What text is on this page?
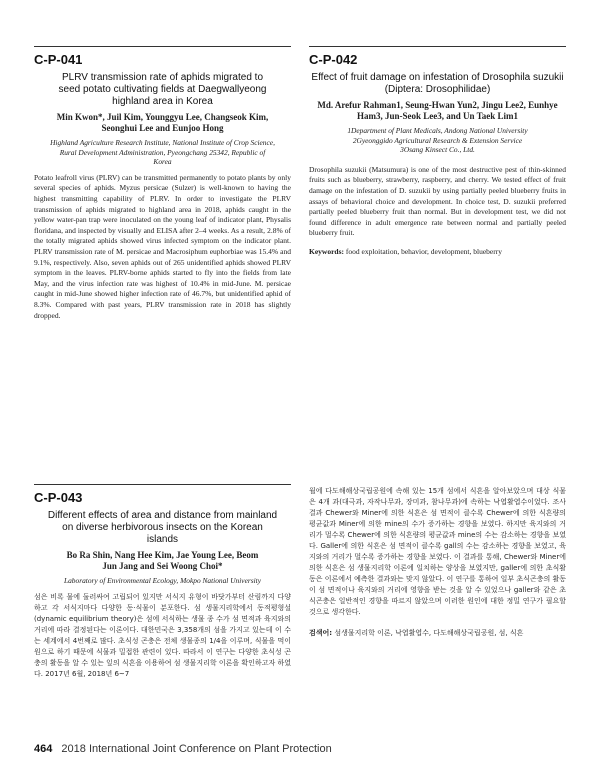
C-P-041
PLRV transmission rate of aphids migrated to seed potato cultivating fields at Daegwallyeong highland area in Korea
Min Kwon*, Juil Kim, Younggyu Lee, Changseok Kim, Seonghui Lee and Eunjoo Hong
Highland Agriculture Research Institute, National Institute of Crop Science, Rural Development Administration, Pyeongchang 25342, Republic of Korea
Potato leafroll virus (PLRV) can be transmitted permanently to potato plants by only several species of aphids. Myzus persicae (Sulzer) is well-known to having the highest transmitting capability of PLRV. In order to investigate the PLRV transmission of aphids migrated to highland area in 2018, aphids caught in the yellow water-pan trap were inoculated on the young leaf of indicator plant, Physalis floridana, and inspected by visually and ELISA after 2–4 weeks. As a result, 2.8% of the totally migrated aphids showed virus infected symptom on the indicator plant. PLRV transmission rate of M. persicae and Macrosiphum euphorbiae was 15.4% and 9.1%, respectively. Also, seven aphids out of 265 unidentified aphids showed PLRV symptom in the leaves. PLRV-borne aphids started to fly into the fields from late May, and the virus infection rate was highest of 10.4% in mid-June. M. persicae caught in mid-June showed higher infection rate of 46.7%, but unidentified aphid of 8.3%. Compared with past years, PLRV transmission rate in 2018 has slightly dropped.
C-P-042
Effect of fruit damage on infestation of Drosophila suzukii
(Diptera: Drosophilidae)
Md. Arefur Rahman1, Seung-Hwan Yun2, Jingu Lee2, Eunhye Ham3, Jun-Seok Lee3, and Un Taek Lim1
1Department of Plant Medicals, Andong National University
2Gyeonggido Agricultural Research & Extension Service
3Osang Kinsect Co., Ltd.
Drosophila suzukii (Matsumura) is one of the most destructive pest of thin-skinned fruits such as blueberry, strawberry, raspberry, and cherry. We tested effect of fruit damage on the infestation of D. suzukii by using partially peeled blueberry fruits in assays of behavioral choice and development. In choice test, D. suzukii preferred partially peeled blueberry fruit than normal. But in development test, we did not found difference in adult emergence rate between normal and partially peeled blueberry fruit.
Keywords: food exploitation, behavior, development, blueberry
C-P-043
Different effects of area and distance from mainland on diverse herbivorous insects on the Korean islands
Bo Ra Shin, Nang Hee Kim, Jae Young Lee, Beom Jun Jang and Sei Woong Choi*
Laboratory of Environmental Ecology, Mokpo National University
섬은 비록 물에 둘러싸여 고립되어 있지만 서식지 유형이 바닷가부터 산림까지 다양하고 각 서식지마다 다양한 동·식물이 분포한다. 섬 생물지리학에서 동적평형설(dynamic equilibrium theory)은 섬에 서식하는 생물 종 수가 섬 면적과 육지와의 거리에 따라 결정된다는 이론이다. 대한민국은 3,358개의 섬을 가지고 있는데 이 수는 세계에서 4번째로 많다. 초식성 곤충은 전체 생물종의 1/4을 이루며, 식물을 먹이원으로 하기 때문에 식물과 밀접한 관련이 있다. 따라서 이 연구는 다양한 초식성 곤충의 활동을 알 수 있는 잎의 식흔을 이용하여 섬 생물지리학 이론을 확인하고자 하였다. 2017년 6월, 2018년 6~7
월에 다도해해상국립공원에 속해 있는 15개 섬에서 식흔을 알아보았으며 대상 식물은 4개 과(대극과, 자작나무과, 장미과, 참나무과)에 속하는 낙엽활엽수이었다. 조사결과 Chewer와 Miner에 의한 식흔은 섬 면적이 클수록 Chewer에 의한 식흔량의 평균값과 Miner에 의한 mine의 수가 증가하는 경향을 보였다. 하지만 육지와의 거리가 멀수록 Chewer에 의한 식흔량의 평균값과 mine의 수는 감소하는 경향을 보였다. Galler에 의한 식흔은 섬 면적이 클수록 gall의 수는 감소하는 경향을 보였고, 육지와의 거리가 멀수록 증가하는 경향을 보였다. 이 결과를 통해, Chewer와 Miner에 의한 식흔은 섬 생물지리학 이론에 일치하는 양상을 보였지만, galler에 의한 초식활동은 이론에서 예측한 결과와는 맞지 않았다. 이 연구를 통하여 일부 초식곤충의 활동이 섬 면적이나 육지와의 거리에 영향을 받는 것을 알 수 있었으나 galler와 같은 초식곤충은 일반적인 경향을 따르지 않았으며 이러한 원인에 대한 정밀 연구가 필요할 것으로 생각한다.
검색어: 섬생물지리학 이론, 낙엽활엽수, 다도해해상국립공원, 섬, 식흔
464 2018 International Joint Conference on Plant Protection
